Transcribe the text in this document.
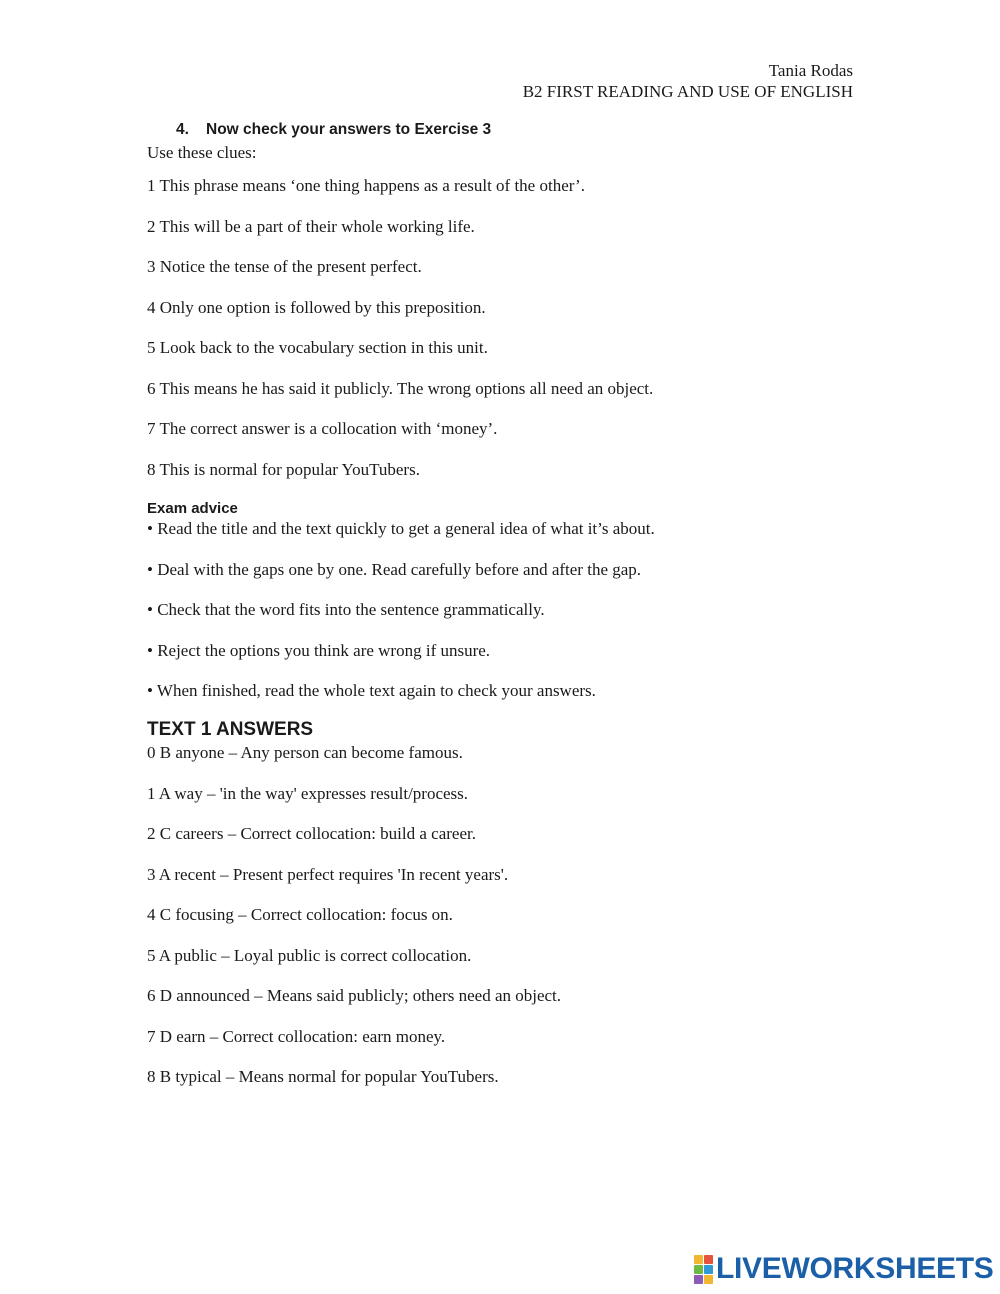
Tania Rodas
B2 FIRST READING AND USE OF ENGLISH
4. Now check your answers to Exercise 3
Use these clues:
1 This phrase means ‘one thing happens as a result of the other’.
2 This will be a part of their whole working life.
3 Notice the tense of the present perfect.
4 Only one option is followed by this preposition.
5 Look back to the vocabulary section in this unit.
6 This means he has said it publicly. The wrong options all need an object.
7 The correct answer is a collocation with ‘money’.
8 This is normal for popular YouTubers.
Exam advice
• Read the title and the text quickly to get a general idea of what it’s about.
• Deal with the gaps one by one. Read carefully before and after the gap.
• Check that the word fits into the sentence grammatically.
• Reject the options you think are wrong if unsure.
• When finished, read the whole text again to check your answers.
TEXT 1 ANSWERS
0 B anyone – Any person can become famous.
1 A way – 'in the way' expresses result/process.
2 C careers – Correct collocation: build a career.
3 A recent – Present perfect requires 'In recent years'.
4 C focusing – Correct collocation: focus on.
5 A public – Loyal public is correct collocation.
6 D announced – Means said publicly; others need an object.
7 D earn – Correct collocation: earn money.
8 B typical – Means normal for popular YouTubers.
LIVEWORKSHEETS
